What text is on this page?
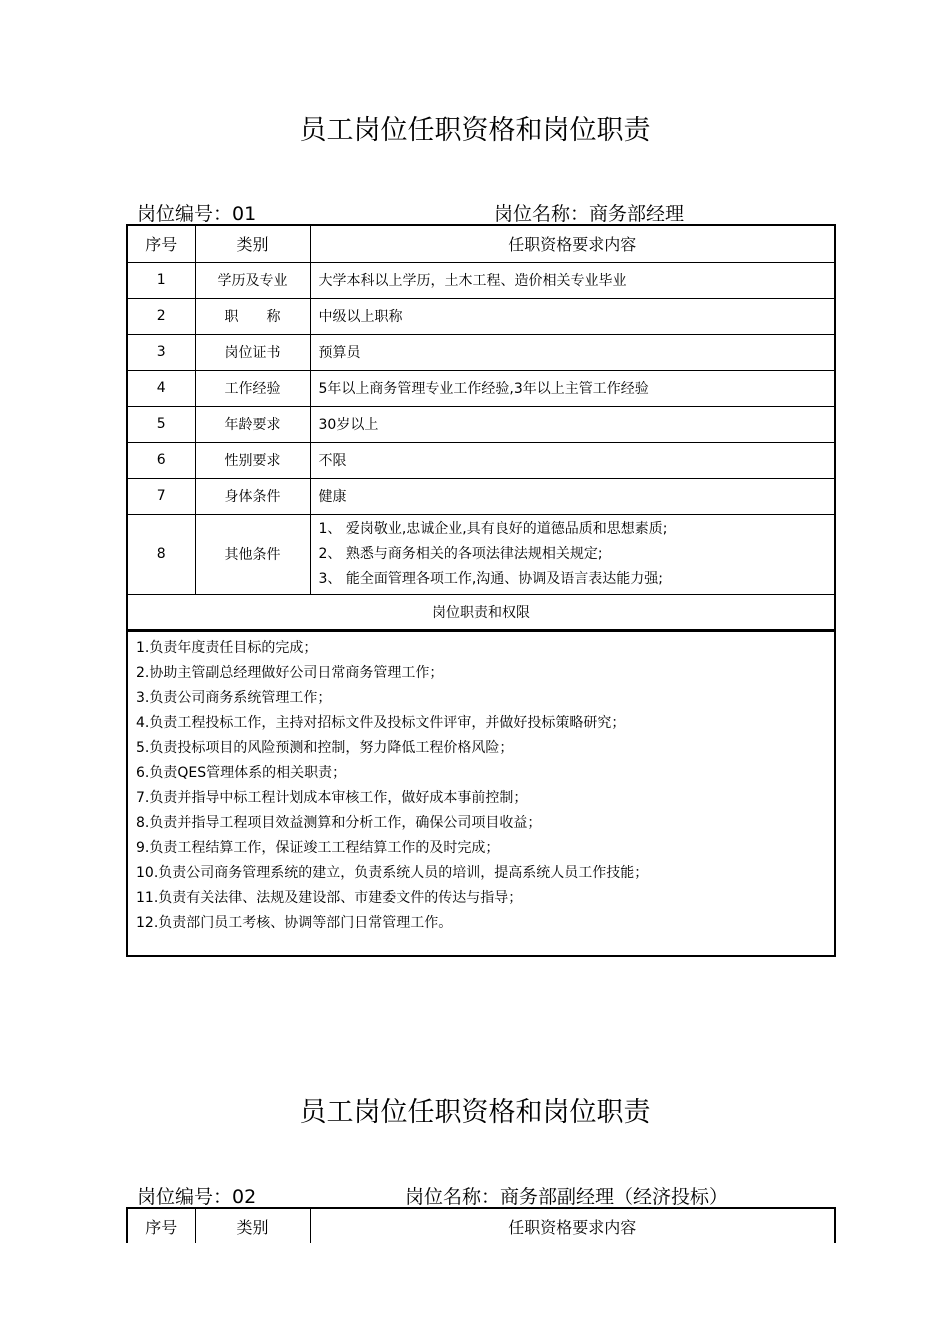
员工岗位任职资格和岗位职责
岗位编号：01	岗位名称：商务部经理
序号	类别	任职资格要求内容
1	学历及专业	大学本科以上学历，土木工程、造价相关专业毕业
2	职　　称	中级以上职称
3	岗位证书	预算员
4	工作经验	5年以上商务管理专业工作经验,3年以上主管工作经验
5	年龄要求	30岁以上
6	性别要求	不限
7	身体条件	健康
8	其他条件	1、 爱岗敬业,忠诚企业,具有良好的道德品质和思想素质;
2、 熟悉与商务相关的各项法律法规相关规定;
3、 能全面管理各项工作,沟通、协调及语言表达能力强;

岗位职责和权限		
1.负责年度责任目标的完成；
2.协助主管副总经理做好公司日常商务管理工作；
3.负责公司商务系统管理工作；
4.负责工程投标工作，主持对招标文件及投标文件评审，并做好投标策略研究；
5.负责投标项目的风险预测和控制，努力降低工程价格风险；
6.负责QES管理体系的相关职责；
7.负责并指导中标工程计划成本审核工作，做好成本事前控制；
8.负责并指导工程项目效益测算和分析工作，确保公司项目收益；
9.负责工程结算工作，保证竣工工程结算工作的及时完成；
10.负责公司商务管理系统的建立，负责系统人员的培训，提高系统人员工作技能；
11.负责有关法律、法规及建设部、市建委文件的传达与指导；
12.负责部门员工考核、协调等部门日常管理工作。
员工岗位任职资格和岗位职责
岗位编号：02	岗位名称：商务部副经理（经济投标）
序号	类别	任职资格要求内容
